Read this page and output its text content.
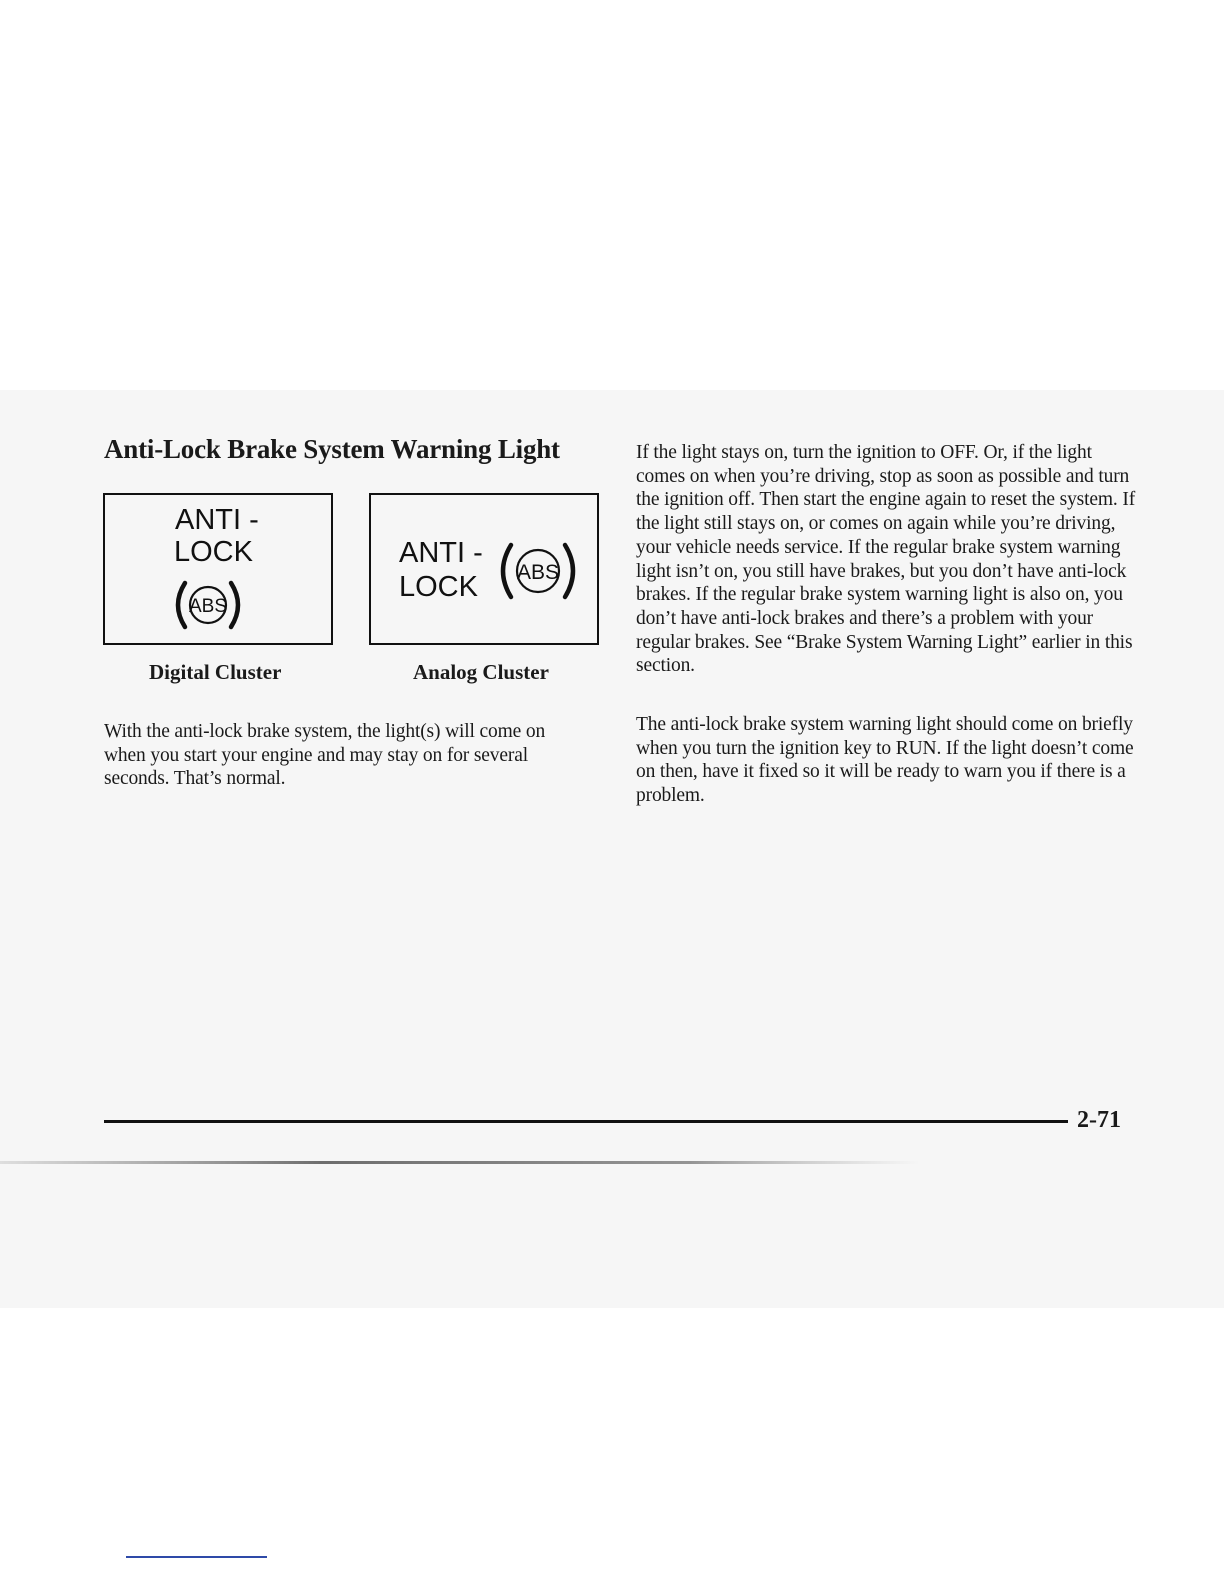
Anti-Lock Brake System Warning Light
ANTI -
LOCK
ABS

Digital Cluster

ANTI -
LOCK ABS

Analog Cluster

With the anti-lock brake system, the light(s) will come on when you start your engine and may stay on for several seconds. That’s normal.

If the light stays on, turn the ignition to OFF. Or, if the light comes on when you’re driving, stop as soon as possible and turn the ignition off. Then start the engine again to reset the system. If the light still stays on, or comes on again while you’re driving, your vehicle needs service. If the regular brake system warning light isn’t on, you still have brakes, but you don’t have anti-lock brakes. If the regular brake system warning light is also on, you don’t have anti-lock brakes and there’s a problem with your regular brakes. See “Brake System Warning Light” earlier in this section.

The anti-lock brake system warning light should come on briefly when you turn the ignition key to RUN. If the light doesn’t come on then, have it fixed so it will be ready to warn you if there is a problem.

2-71
